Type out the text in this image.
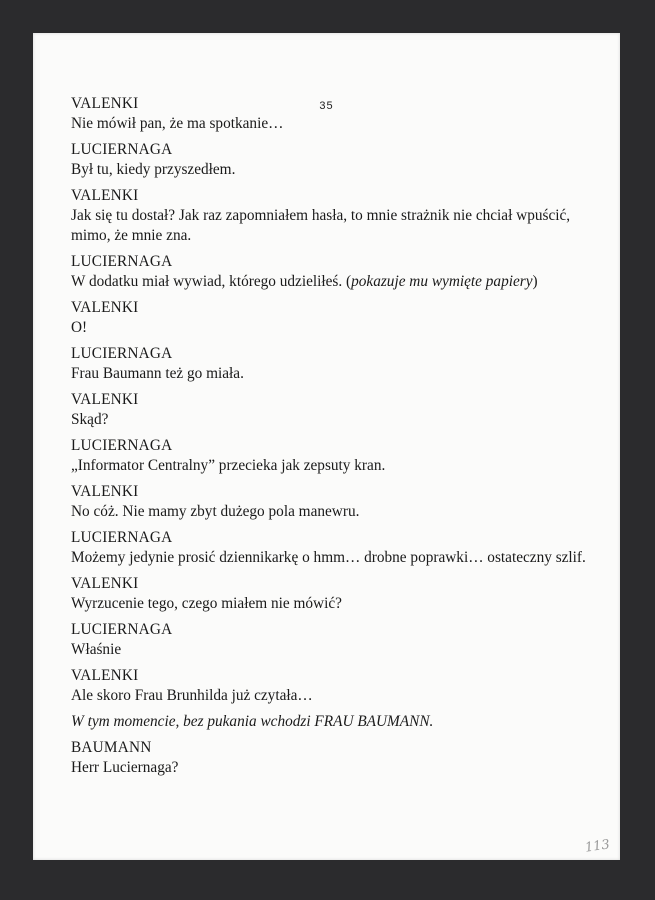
35
VALENKI
Nie mówił pan, że ma spotkanie…
LUCIERNAGA
Był tu, kiedy przyszedłem.
VALENKI
Jak się tu dostał? Jak raz zapomniałem hasła, to mnie strażnik nie chciał wpuścić, mimo, że mnie zna.
LUCIERNAGA
W dodatku miał wywiad, którego udzieliłeś. (pokazuje mu wymięte papiery)
VALENKI
O!
LUCIERNAGA
Frau Baumann też go miała.
VALENKI
Skąd?
LUCIERNAGA
„Informator Centralny” przecieka jak zepsuty kran.
VALENKI
No cóż. Nie mamy zbyt dużego pola manewru.
LUCIERNAGA
Możemy jedynie prosić dziennikarkę o hmm… drobne poprawki… ostateczny szlif.
VALENKI
Wyrzucenie tego, czego miałem nie mówić?
LUCIERNAGA
Właśnie
VALENKI
Ale skoro Frau Brunhilda już czytała…
W tym momencie, bez pukania wchodzi FRAU BAUMANN.
BAUMANN
Herr Luciernaga?
113
